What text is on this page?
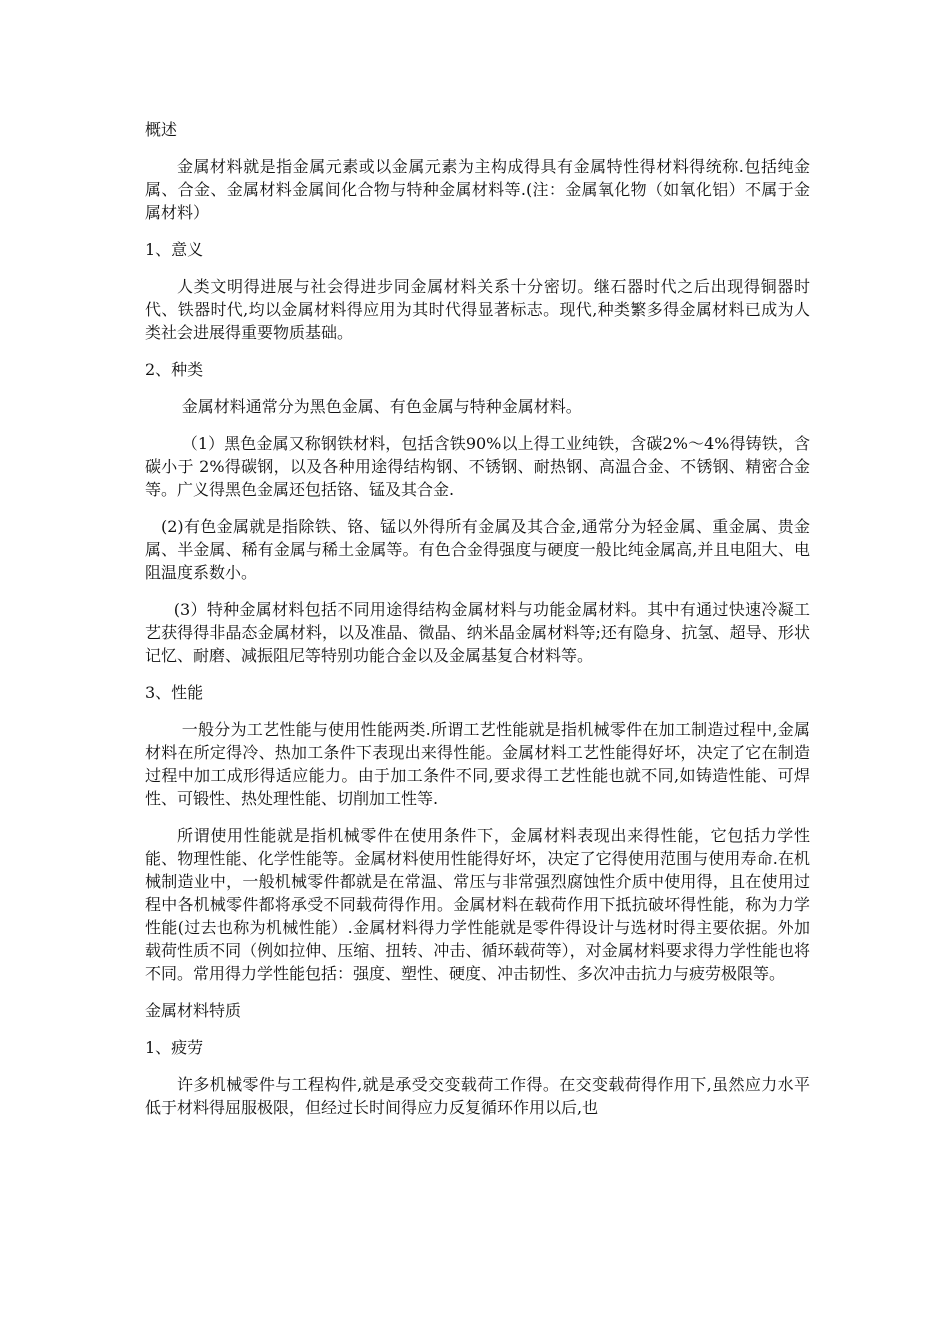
概述
金属材料就是指金属元素或以金属元素为主构成得具有金属特性得材料得统称.包括纯金属、合金、金属材料金属间化合物与特种金属材料等.(注：金属氧化物（如氧化铝）不属于金属材料）
1、意义
人类文明得进展与社会得进步同金属材料关系十分密切。继石器时代之后出现得铜器时代、铁器时代,均以金属材料得应用为其时代得显著标志。现代,种类繁多得金属材料已成为人类社会进展得重要物质基础。
2、种类
金属材料通常分为黑色金属、有色金属与特种金属材料。
（1）黑色金属又称钢铁材料，包括含铁90%以上得工业纯铁，含碳2%～4%得铸铁，含碳小于 2%得碳钢，以及各种用途得结构钢、不锈钢、耐热钢、高温合金、不锈钢、精密合金等。广义得黑色金属还包括铬、锰及其合金.
(2)有色金属就是指除铁、铬、锰以外得所有金属及其合金,通常分为轻金属、重金属、贵金属、半金属、稀有金属与稀土金属等。有色合金得强度与硬度一般比纯金属高,并且电阻大、电阻温度系数小。
(3）特种金属材料包括不同用途得结构金属材料与功能金属材料。其中有通过快速冷凝工艺获得得非晶态金属材料，以及准晶、微晶、纳米晶金属材料等;还有隐身、抗氢、超导、形状记忆、耐磨、减振阻尼等特别功能合金以及金属基复合材料等。
3、性能
一般分为工艺性能与使用性能两类.所谓工艺性能就是指机械零件在加工制造过程中,金属材料在所定得冷、热加工条件下表现出来得性能。金属材料工艺性能得好坏，决定了它在制造过程中加工成形得适应能力。由于加工条件不同,要求得工艺性能也就不同,如铸造性能、可焊性、可锻性、热处理性能、切削加工性等.
所谓使用性能就是指机械零件在使用条件下，金属材料表现出来得性能，它包括力学性能、物理性能、化学性能等。金属材料使用性能得好坏，决定了它得使用范围与使用寿命.在机械制造业中，一般机械零件都就是在常温、常压与非常强烈腐蚀性介质中使用得，且在使用过程中各机械零件都将承受不同载荷得作用。金属材料在载荷作用下抵抗破坏得性能，称为力学性能(过去也称为机械性能）.金属材料得力学性能就是零件得设计与选材时得主要依据。外加载荷性质不同（例如拉伸、压缩、扭转、冲击、循环载荷等），对金属材料要求得力学性能也将不同。常用得力学性能包括：强度、塑性、硬度、冲击韧性、多次冲击抗力与疲劳极限等。
金属材料特质
1、疲劳
许多机械零件与工程构件,就是承受交变载荷工作得。在交变载荷得作用下,虽然应力水平低于材料得屈服极限，但经过长时间得应力反复循环作用以后,也
